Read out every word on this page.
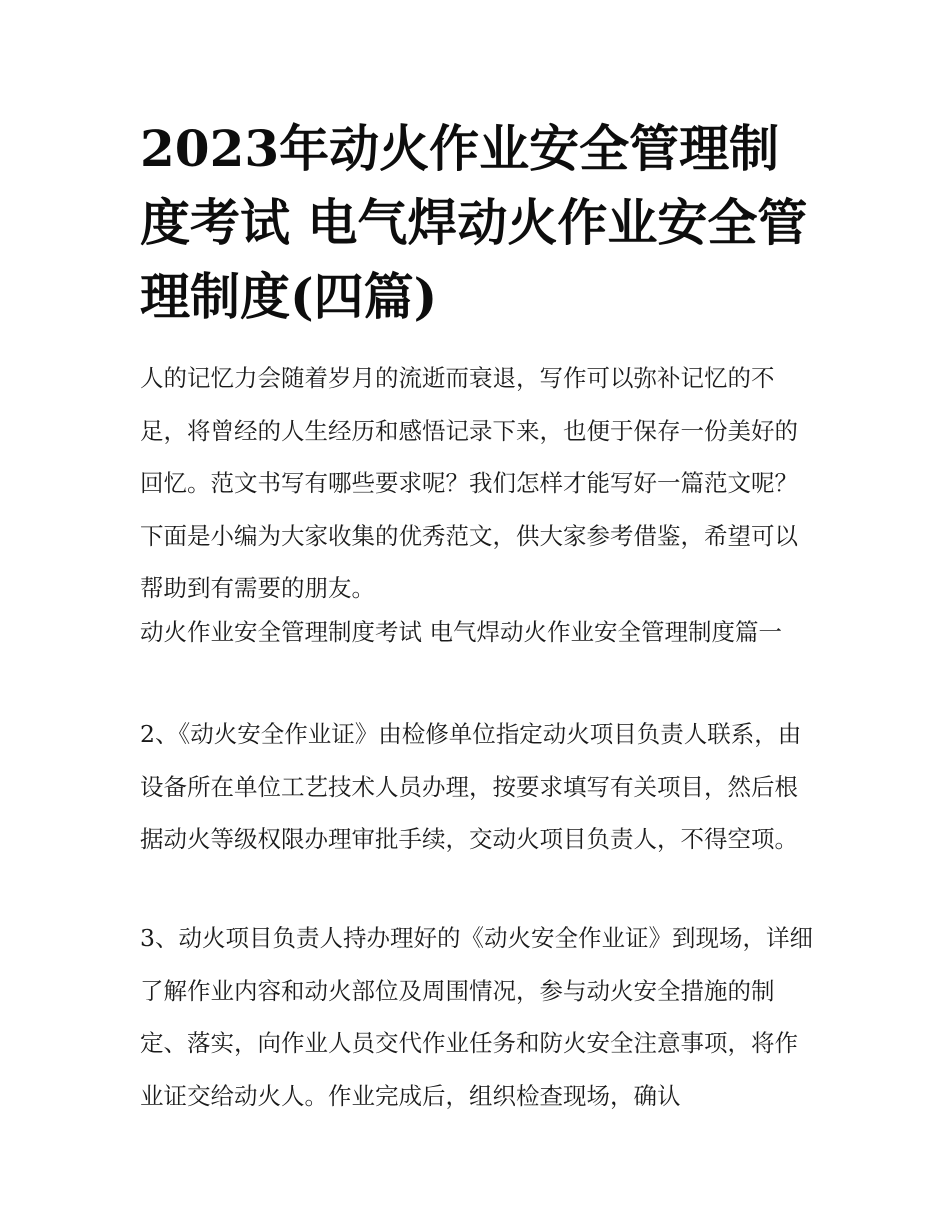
2023年动火作业安全管理制度考试 电气焊动火作业安全管理制度(四篇)

人的记忆力会随着岁月的流逝而衰退，写作可以弥补记忆的不足，将曾经的人生经历和感悟记录下来，也便于保存一份美好的回忆。范文书写有哪些要求呢？我们怎样才能写好一篇范文呢？下面是小编为大家收集的优秀范文，供大家参考借鉴，希望可以帮助到有需要的朋友。

动火作业安全管理制度考试 电气焊动火作业安全管理制度篇一

2、《动火安全作业证》由检修单位指定动火项目负责人联系，由设备所在单位工艺技术人员办理，按要求填写有关项目，然后根据动火等级权限办理审批手续，交动火项目负责人，不得空项。

3、动火项目负责人持办理好的《动火安全作业证》到现场，详细了解作业内容和动火部位及周围情况，参与动火安全措施的制定、落实，向作业人员交代作业任务和防火安全注意事项，将作业证交给动火人。作业完成后，组织检查现场，确认
